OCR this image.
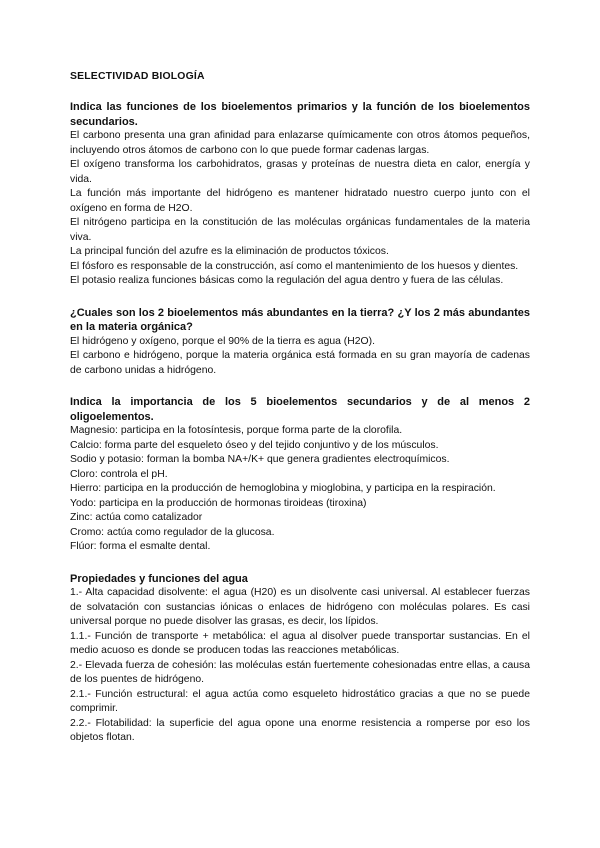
SELECTIVIDAD BIOLOGÍA

Indica las funciones de los bioelementos primarios y la función de los bioelementos secundarios.

El carbono presenta una gran afinidad para enlazarse químicamente con otros átomos pequeños, incluyendo otros átomos de carbono con lo que puede formar cadenas largas.

El oxígeno transforma los carbohidratos, grasas y proteínas de nuestra dieta en calor, energía y vida.

La función más importante del hidrógeno es mantener hidratado nuestro cuerpo junto con el oxígeno en forma de H2O.

El nitrógeno participa en la constitución de las moléculas orgánicas fundamentales de la materia viva.

La principal función del azufre es la eliminación de productos tóxicos.

El fósforo es responsable de la construcción, así como el mantenimiento de los huesos y dientes.

El potasio realiza funciones básicas como la regulación del agua dentro y fuera de las células.

¿Cuales son los 2 bioelementos más abundantes en la tierra? ¿Y los 2 más abundantes en la materia orgánica?

El hidrógeno y oxígeno, porque el 90% de la tierra es agua (H2O).

El carbono e hidrógeno, porque la materia orgánica está formada en su gran mayoría de cadenas de carbono unidas a hidrógeno.

Indica la importancia de los 5 bioelementos secundarios y de al menos 2 oligoelementos.

Magnesio: participa en la fotosíntesis, porque forma parte de la clorofila.

Calcio: forma parte del esqueleto óseo y del tejido conjuntivo y de los músculos.

Sodio y potasio: forman la bomba NA+/K+ que genera gradientes electroquímicos.

Cloro: controla el pH.

Hierro: participa en la producción de hemoglobina y mioglobina, y participa en la respiración.

Yodo: participa en la producción de hormonas tiroideas (tiroxina)

Zinc: actúa como catalizador

Cromo: actúa como regulador de la glucosa.

Flúor: forma el esmalte dental.

Propiedades y funciones del agua

1.- Alta capacidad disolvente: el agua (H20) es un disolvente casi universal. Al establecer fuerzas de solvatación con sustancias iónicas o enlaces de hidrógeno con moléculas polares. Es casi universal porque no puede disolver las grasas, es decir, los lípidos.

1.1.- Función de transporte + metabólica: el agua al disolver puede transportar sustancias. En el medio acuoso es donde se producen todas las reacciones metabólicas.

2.- Elevada fuerza de cohesión: las moléculas están fuertemente cohesionadas entre ellas, a causa de los puentes de hidrógeno.

2.1.- Función estructural: el agua actúa como esqueleto hidrostático gracias a que no se puede comprimir.

2.2.- Flotabilidad: la superficie del agua opone una enorme resistencia a romperse por eso los objetos flotan.
